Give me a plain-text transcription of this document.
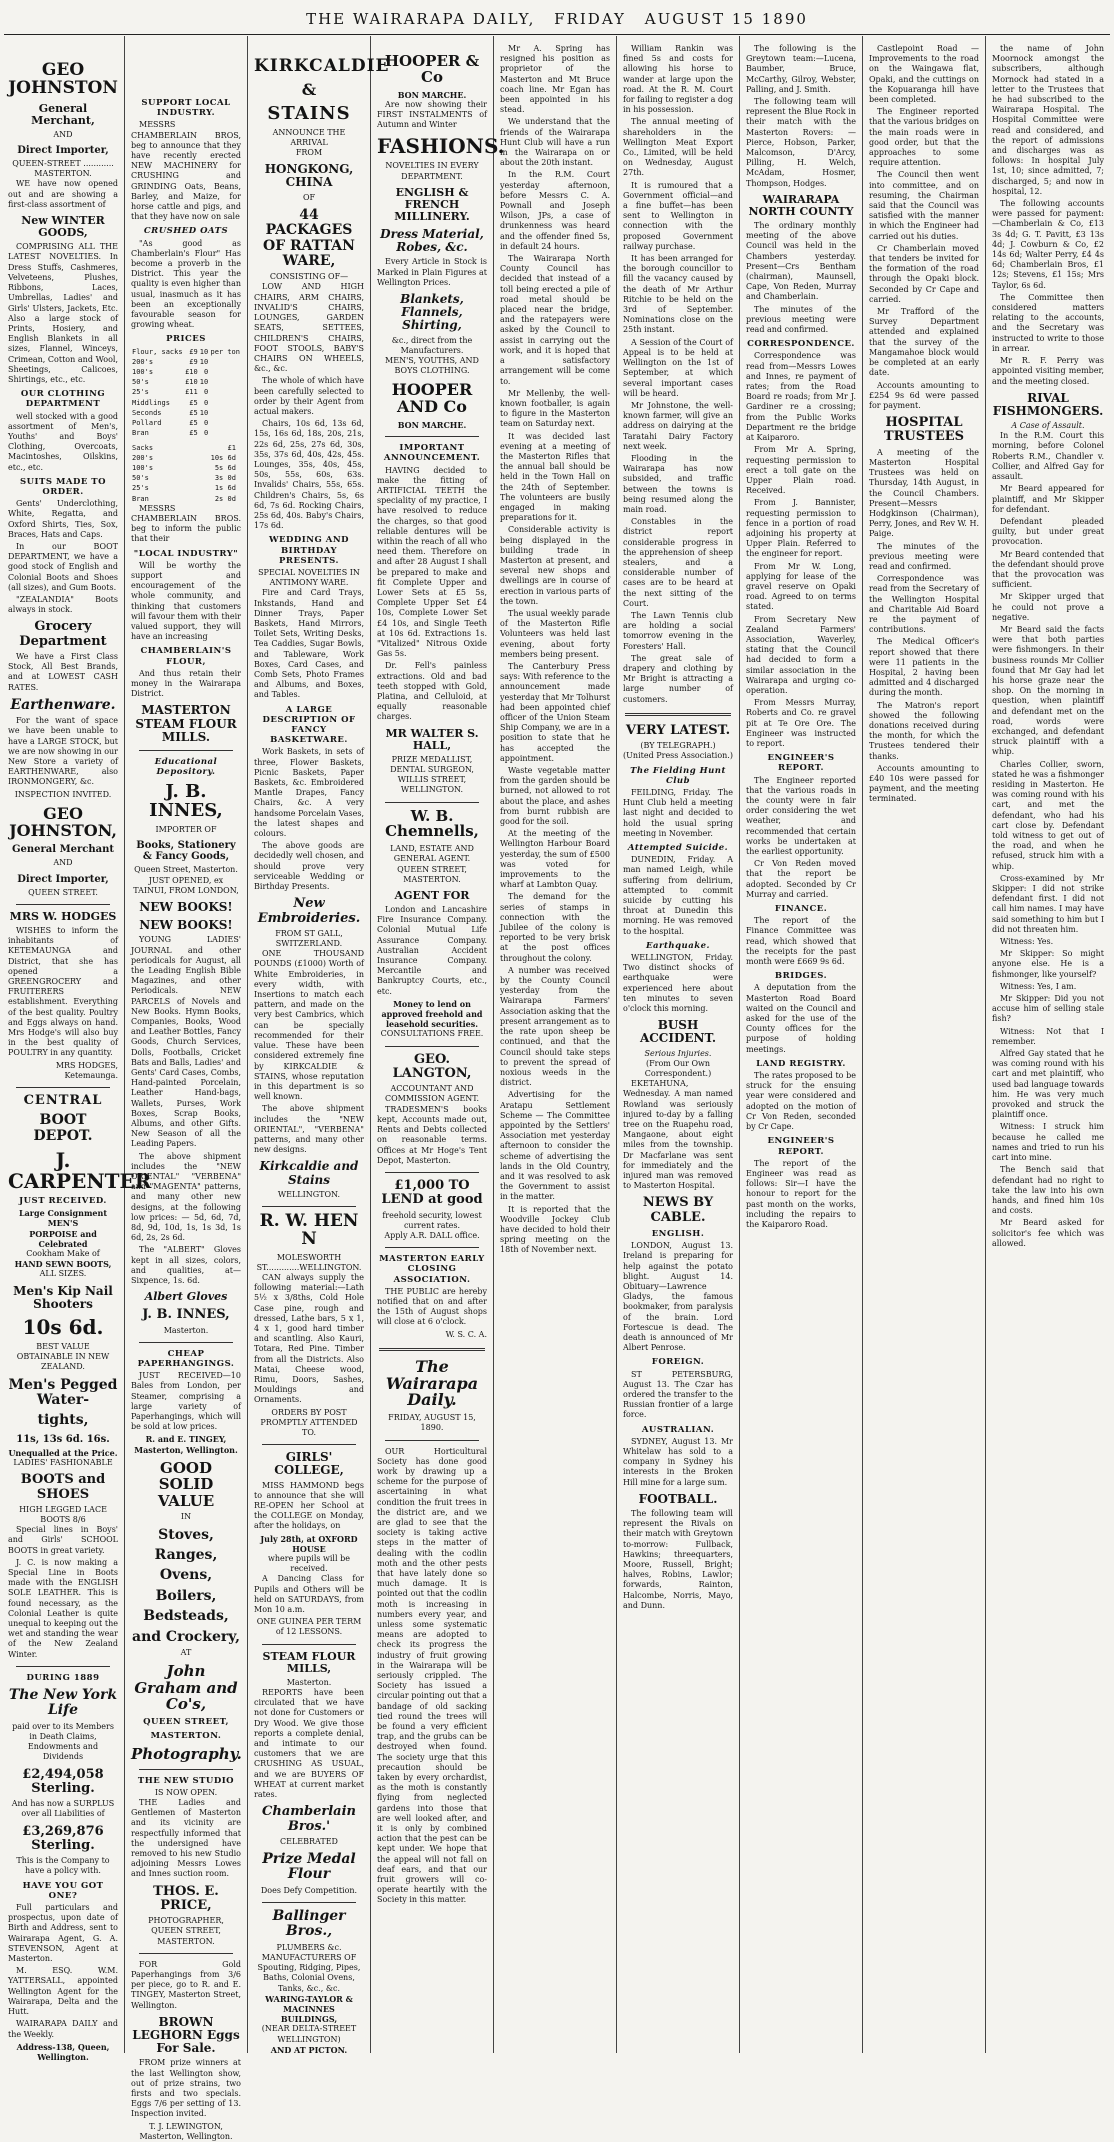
THE WAIRARAPA DAILY, FRIDAY AUGUST 15 1890
GEO JOHNSTON
General Merchant,
AND
Direct Importer,
QUEEN-STREET ............ MASTERTON.

WE have now opened out and are showing a first-class assortment of

New WINTER GOODS,

COMPRISING ALL THE LATEST NOVELTIES. In Dress Stuffs, Cashmeres, Velveteens, Plushes, Ribbons, Laces, Umbrellas, Ladies' and Girls' Ulsters, Jackets, Etc. Also a large stock of Prints, Hosiery, and English Blankets in all sizes, Flannel, Winceys, Crimean, Cotton and Wool, Sheetings, Calicoes, Shirtings, etc., etc.

OUR CLOTHING DEPARTMENT

well stocked with a good assortment of Men's, Youths' and Boys' Clothing, Overcoats, Macintoshes, Oilskins, etc., etc.

SUITS MADE TO ORDER.

Gents' Underclothing, White, Regatta, and Oxford Shirts, Ties, Sox, Braces, Hats and Caps.

In our BOOT DEPARTMENT, we have a good stock of English and Colonial Boots and Shoes (all sizes), and Gum Boots.

"ZEALANDIA" Boots always in stock.

Grocery Department

We have a First Class Stock, All Best Brands, and at LOWEST CASH RATES.

Earthenware.

For the want of space we have been unable to have a LARGE STOCK, but we are now showing in our New Store a variety of EARTHENWARE, also IRONMONGERY, &c.

INSPECTION INVITED.
GEO JOHNSTON,
General Merchant
AND
Direct Importer,
QUEEN STREET.
MRS W. HODGES

WISHES to inform the inhabitants of KETEMAUNGA and District, that she has opened a GREENGROCERY and FRUITERERS establishment. Everything of the best quality. Poultry and Eggs always on hand. Mrs Hodge's will also buy in the best quality of POULTRY in any quantity.

MRS HODGES, Ketemaunga.
CENTRAL
BOOT DEPOT.
J. CARPENTER
JUST RECEIVED.
Large Consignment MEN'S
PORPOISE and Celebrated
Cookham Make of
HAND SEWN BOOTS,
ALL SIZES.
Men's Kip Nail Shooters
10s 6d.
BEST VALUE OBTAINABLE IN NEW ZEALAND.
Men's Pegged Water-
tights,
11s, 13s 6d. 16s.
Unequalled at the Price.
LADIES' FASHIONABLE
BOOTS and SHOES
HIGH LEGGED LACE BOOTS 8/6

Special lines in Boys' and Girls' SCHOOL BOOTS in great variety.

J. C. is now making a Special Line in Boots made with the ENGLISH SOLE LEATHER. This is found necessary, as the Colonial Leather is quite unequal to keeping out the wet and standing the wear of the New Zealand Winter.

DURING 1889
The New York Life
paid over to its Members in Death Claims, Endowments and Dividends
£2,494,058 Sterling.
And has now a SURPLUS over all Liabilities of
£3,269,876 Sterling.
This is the Company to have a policy with.
HAVE YOU GOT ONE?

Full particulars and prospectus, upon date of Birth and Address, sent to Wairarapa Agent, G. A. STEVENSON, Agent at Masterton.

M. ESQ. W.M. YATTERSALL, appointed Wellington Agent for the Wairarapa, Delta and the Hutt.

WAIRARAPA DAILY and the Weekly.

Address-138, Queen, Wellington.
SUPPORT LOCAL INDUSTRY.

MESSRS CHAMBERLAIN BROS, beg to announce that they have recently erected NEW MACHINERY for CRUSHING and GRINDING Oats, Beans, Barley, and Maize, for horse cattle and pigs, and that they have now on sale

CRUSHED OATS

"As good as Chamberlain's Flour" Has become a proverb in the District. This year the quality is even higher than usual, inasmuch as it has been an exceptionally favourable season for growing wheat.

PRICES
Flour, sacks	£9	10	per ton
200's	£9	10	
100's	£10	0	
50's	£10	10	
25's	£11	0	
Middlings	£5	0	
Seconds	£5	10	
Pollard	£5	0	
Bran	£5	0	
Sacks		£1	
200's		10s 6d	
100's		5s 6d	
50's		3s 0d	
25's		1s 6d	
Bran		2s 0d	

MESSRS CHAMBERLAIN BROS. beg to inform the public that their

"LOCAL INDUSTRY"

Will be worthy the support and encouragement of the whole community, and thinking that customers will favour them with their valued support, they will have an increasing

CHAMBERLAIN'S FLOUR,

And thus retain their money in the Wairarapa District.

MASTERTON STEAM FLOUR MILLS.
Educational Depository.
J. B. INNES,
IMPORTER OF
Books, Stationery & Fancy Goods,
Queen Street, Masterton.
JUST OPENED, ex TAINUI, FROM LONDON,
NEW BOOKS!
NEW BOOKS!

YOUNG LADIES' JOURNAL and other periodicals for August, all the Leading English Bible Magazines, and other Periodicals. NEW PARCELS of Novels and New Books. Hymn Books, Companies, Books, Wood and Leather Bottles, Fancy Goods, Church Services, Dolls, Footballs, Cricket Bats and Balls, Ladies' and Gents' Card Cases, Combs, Hand-painted Porcelain, Leather Hand-bags, Wallets, Purses, Work Boxes, Scrap Books, Albums, and other Gifts. New Season of all the Leading Papers.

The above shipment includes the "NEW ORIENTAL" "VERBENA" and "MAGENTA" patterns, and many other new designs, at the following low prices: — 5d, 6d, 7d, 8d, 9d, 10d, 1s, 1s 3d, 1s 6d, 2s, 2s 6d.

The "ALBERT" Gloves kept in all sizes, colors, and qualities, at—Sixpence, 1s. 6d.

Albert Gloves
J. B. INNES,
Masterton.
CHEAP PAPERHANGINGS.

JUST RECEIVED—10 Bales from London, per Steamer, comprising a large variety of Paperhangings, which will be sold at low prices.

R. and E. TINGEY, Masterton, Wellington.
GOOD SOLID VALUE
IN
Stoves,
Ranges,
Ovens,
Boilers,
Bedsteads,
and Crockery,
AT
John Graham and Co's,
QUEEN STREET,
MASTERTON.
Photography.
THE NEW STUDIO
IS NOW OPEN.

THE Ladies and Gentlemen of Masterton and its vicinity are respectfully informed that the undersigned have removed to his new Studio adjoining Messrs Lowes and Innes suction room.

THOS. E. PRICE,
PHOTOGRAPHER, QUEEN STREET, MASTERTON.

FOR Gold Paperhangings from 3/6 per piece, go to R. and E. TINGEY, Masterton Street, Wellington.

BROWN LEGHORN Eggs For Sale.

FROM prize winners at the last Wellington show, out of prize strains, two firsts and two specials. Eggs 7/6 per setting of 13. Inspection invited.

T. J. LEWINGTON, Masterton, Wellington.
KIRKCALDIE
&
STAINS
ANNOUNCE THE ARRIVAL
FROM
HONGKONG, CHINA
OF
44 PACKAGES OF RATTAN WARE,
CONSISTING OF—

LOW AND HIGH CHAIRS, ARM CHAIRS, INVALID'S CHAIRS, LOUNGES, GARDEN SEATS, SETTEES, CHILDREN'S CHAIRS, FOOT STOOLS, BABY'S CHAIRS ON WHEELS, &c., &c.

The whole of which have been carefully selected to order by their Agent from actual makers.

Chairs, 10s 6d, 13s 6d, 15s, 16s 6d, 18s, 20s, 21s, 22s 6d, 25s, 27s 6d, 30s, 35s, 37s 6d, 40s, 42s, 45s. Lounges, 35s, 40s, 45s, 50s, 55s, 60s, 63s. Invalids' Chairs, 55s, 65s. Children's Chairs, 5s, 6s 6d, 7s 6d. Rocking Chairs, 25s 6d, 40s. Baby's Chairs, 17s 6d.

WEDDING AND BIRTHDAY PRESENTS.
SPECIAL NOVELTIES IN ANTIMONY WARE.

Fire and Card Trays, Inkstands, Hand and Dinner Trays, Paper Baskets, Hand Mirrors, Toilet Sets, Writing Desks, Tea Caddies, Sugar Bowls, and Tableware, Work Boxes, Card Cases, and Comb Sets, Photo Frames and Albums, and Boxes, and Tables.

A LARGE DESCRIPTION OF FANCY BASKETWARE.

Work Baskets, in sets of three, Flower Baskets, Picnic Baskets, Paper Baskets, &c. Embroidered Mantle Drapes, Fancy Chairs, &c. A very handsome Porcelain Vases, the latest shapes and colours.

The above goods are decidedly well chosen, and should prove very serviceable Wedding or Birthday Presents.

New Embroideries.
FROM ST GALL, SWITZERLAND.

ONE THOUSAND POUNDS (£1000) Worth of White Embroideries, in every width, with Insertions to match each pattern, and made on the very best Cambrics, which can be specially recommended for their value. These have been considered extremely fine by KIRKCALDIE & STAINS, whose reputation in this department is so well known.

The above shipment includes the "NEW ORIENTAL", "VERBENA" patterns, and many other new designs.

Kirkcaldie and Stains
WELLINGTON.
R. W. HEN N
MOLESWORTH ST.............WELLINGTON.

CAN always supply the following material:—Lath 5½ x 3/8ths, Cold Hole Case pine, rough and dressed, Lathe bars, 5 x 1, 4 x 1, good hard timber and scantling. Also Kauri, Totara, Red Pine. Timber from all the Districts. Also Matai, Cheese wood, Rimu, Doors, Sashes, Mouldings and Ornaments.

ORDERS BY POST PROMPTLY ATTENDED TO.
GIRLS' COLLEGE,

MISS HAMMOND begs to announce that she will RE-OPEN her School at the COLLEGE on Monday, after the holidays, on

July 28th, at OXFORD HOUSE
where pupils will be received.

A Dancing Class for Pupils and Others will be held on SATURDAYS, from Mon 10 a.m.

ONE GUINEA PER TERM of 12 LESSONS.
STEAM FLOUR MILLS,
Masterton.

REPORTS have been circulated that we have not done for Customers or Dry Wood. We give those reports a complete denial, and intimate to our customers that we are CRUSHING AS USUAL, and we are BUYERS OF WHEAT at current market rates.

Chamberlain Bros.'
CELEBRATED
Prize Medal Flour
Does Defy Competition.
Ballinger Bros.,
PLUMBERS &c.
MANUFACTURERS OF
Spouting, Ridging, Pipes, Baths, Colonial Ovens, Tanks, &c., &c.
WARING-TAYLOR & MACINNES BUILDINGS,
(NEAR DELTA-STREET WELLINGTON)
AND AT PICTON.
HOOPER & Co
BON MARCHE.

Are now showing their FIRST INSTALMENTS of Autumn and Winter

FASHIONS.
NOVELTIES IN EVERY DEPARTMENT.
ENGLISH & FRENCH MILLINERY.
Dress Material, Robes, &c.

Every Article in Stock is Marked in Plain Figures at Wellington Prices.

Blankets, Flannels, Shirting,
&c., direct from the Manufacturers.
MEN'S, YOUTHS, AND BOYS CLOTHING.
HOOPER AND Co
BON MARCHE.
IMPORTANT ANNOUNCEMENT.

HAVING decided to make the fitting of ARTIFICIAL TEETH the speciality of my practice, I have resolved to reduce the charges, so that good reliable dentures will be within the reach of all who need them. Therefore on and after 28 August I shall be prepared to make and fit Complete Upper and Lower Sets at £5 5s, Complete Upper Set £4 10s, Complete Lower Set £4 10s, and Single Teeth at 10s 6d. Extractions 1s. "Vitalized" Nitrous Oxide Gas 5s.

Dr. Fell's painless extractions. Old and bad teeth stopped with Gold, Platina, and Celluloid, at equally reasonable charges.

MR WALTER S. HALL,
PRIZE MEDALLIST, DENTAL SURGEON, WILLIS STREET, WELLINGTON.
W. B. Chemnells,
LAND, ESTATE AND GENERAL AGENT.
QUEEN STREET, MASTERTON.
AGENT FOR

London and Lancashire Fire Insurance Company. Colonial Mutual Life Assurance Company. Australian Accident Insurance Company. Mercantile and Bankruptcy Courts, etc., etc.

Money to lend on approved freehold and leasehold securities.
CONSULTATIONS FREE.
GEO. LANGTON,
ACCOUNTANT AND COMMISSION AGENT.

TRADESMEN'S books kept, Accounts made out, Rents and Debts collected on reasonable terms. Offices at Mr Hoge's Tent Depot, Masterton.

£1,000 TO LEND at good
freehold security, lowest current rates.
Apply A.R. DALL office.
MASTERTON EARLY CLOSING ASSOCIATION.

THE PUBLIC are hereby notified that on and after the 15th of August shops will close at 6 o'clock.

W. S. C. A.
The Wairarapa Daily.
FRIDAY, AUGUST 15, 1890.

OUR Horticultural Society has done good work by drawing up a scheme for the purpose of ascertaining in what condition the fruit trees in the district are, and we are glad to see that the society is taking active steps in the matter of dealing with the codlin moth and the other pests that have lately done so much damage. It is pointed out that the codlin moth is increasing in numbers every year, and unless some systematic means are adopted to check its progress the industry of fruit growing in the Wairarapa will be seriously crippled. The Society has issued a circular pointing out that a bandage of old sacking tied round the trees will be found a very efficient trap, and the grubs can be destroyed when found. The society urge that this precaution should be taken by every orchardist, as the moth is constantly flying from neglected gardens into those that are well looked after, and it is only by combined action that the pest can be kept under. We hope that the appeal will not fall on deaf ears, and that our fruit growers will co-operate heartily with the Society in this matter.

Mr A. Spring has resigned his position as proprietor of the Masterton and Mt Bruce coach line. Mr Egan has been appointed in his stead.

We understand that the friends of the Wairarapa Hunt Club will have a run in the Wairarapa on or about the 20th instant.

In the R.M. Court yesterday afternoon, before Messrs C. A. Pownall and Joseph Wilson, JPs, a case of drunkenness was heard and the offender fined 5s, in default 24 hours.

The Wairarapa North County Council has decided that instead of a toll being erected a pile of road metal should be placed near the bridge, and the ratepayers were asked by the Council to assist in carrying out the work, and it is hoped that a satisfactory arrangement will be come to.

Mr Mellenby, the well-known footballer, is again to figure in the Masterton team on Saturday next.

It was decided last evening at a meeting of the Masterton Rifles that the annual ball should be held in the Town Hall on the 24th of September. The volunteers are busily engaged in making preparations for it.

Considerable activity is being displayed in the building trade in Masterton at present, and several new shops and dwellings are in course of erection in various parts of the town.

The usual weekly parade of the Masterton Rifle Volunteers was held last evening, about forty members being present.

The Canterbury Press says: With reference to the announcement made yesterday that Mr Tolhurst had been appointed chief officer of the Union Steam Ship Company, we are in a position to state that he has accepted the appointment.

Waste vegetable matter from the garden should be burned, not allowed to rot about the place, and ashes from burnt rubbish are good for the soil.

At the meeting of the Wellington Harbour Board yesterday, the sum of £500 was voted for improvements to the wharf at Lambton Quay.

The demand for the series of stamps in connection with the Jubilee of the colony is reported to be very brisk at the post offices throughout the colony.

A number was received by the County Council yesterday from the Wairarapa Farmers' Association asking that the present arrangement as to the rate upon sheep be continued, and that the Council should take steps to prevent the spread of noxious weeds in the district.

Advertising for the Aratapu Settlement Scheme — The Committee appointed by the Settlers' Association met yesterday afternoon to consider the scheme of advertising the lands in the Old Country, and it was resolved to ask the Government to assist in the matter.

It is reported that the Woodville Jockey Club have decided to hold their spring meeting on the 18th of November next.

William Rankin was fined 5s and costs for allowing his horse to wander at large upon the road. At the R. M. Court for failing to register a dog in his possession.

The annual meeting of shareholders in the Wellington Meat Export Co., Limited, will be held on Wednesday, August 27th.

It is rumoured that a Government official—and a fine buffet—has been sent to Wellington in connection with the proposed Government railway purchase.

It has been arranged for the borough councillor to fill the vacancy caused by the death of Mr Arthur Ritchie to be held on the 3rd of September. Nominations close on the 25th instant.

A Session of the Court of Appeal is to be held at Wellington on the 1st of September, at which several important cases will be heard.

Mr Johnstone, the well-known farmer, will give an address on dairying at the Taratahi Dairy Factory next week.

Flooding in the Wairarapa has now subsided, and traffic between the towns is being resumed along the main road.

Constables in the district report considerable progress in the apprehension of sheep stealers, and a considerable number of cases are to be heard at the next sitting of the Court.

The Lawn Tennis club are holding a social tomorrow evening in the Foresters' Hall.

The great sale of drapery and clothing by Mr Bright is attracting a large number of customers.

VERY LATEST.
(BY TELEGRAPH.)
(United Press Association.)
The Fielding Hunt Club

FEILDING, Friday. The Hunt Club held a meeting last night and decided to hold the usual spring meeting in November.

Attempted Suicide.

DUNEDIN, Friday. A man named Leigh, while suffering from delirium, attempted to commit suicide by cutting his throat at Dunedin this morning. He was removed to the hospital.

Earthquake.

WELLINGTON, Friday. Two distinct shocks of earthquake were experienced here about ten minutes to seven o'clock this morning.

BUSH ACCIDENT.
Serious Injuries.
(From Our Own Correspondent.)

EKETAHUNA, Wednesday. A man named Rowland was seriously injured to-day by a falling tree on the Ruapehu road, Mangaone, about eight miles from the township. Dr Macfarlane was sent for immediately and the injured man was removed to Masterton Hospital.

NEWS BY CABLE.
ENGLISH.

LONDON, August 13. Ireland is preparing for help against the potato blight. August 14. Obituary—Lawrence Gladys, the famous bookmaker, from paralysis of the brain. Lord Fortescue is dead. The death is announced of Mr Albert Penrose.

FOREIGN.

ST PETERSBURG, August 13. The Czar has ordered the transfer to the Russian frontier of a large force.

AUSTRALIAN.

SYDNEY, August 13. Mr Whitelaw has sold to a company in Sydney his interests in the Broken Hill mine for a large sum.

FOOTBALL.

The following team will represent the Rivals on their match with Greytown to-morrow: Fullback, Hawkins; threequarters, Moore, Russell, Bright; halves, Robins, Lawlor; forwards, Rainton, Halcombe, Norris, Mayo, and Dunn.

The following is the Greytown team:—Lucena, Baumber, Bruce, McCarthy, Gilroy, Webster, Palling, and J. Smith.

The following team will represent the Blue Rock in their match with the Masterton Rovers: — Pierce, Hobson, Parker, Malcomson, D'Arcy, Pilling, H. Welch, McAdam, Hosmer, Thompson, Hodges.

WAIRARAPA NORTH COUNTY

The ordinary monthly meeting of the above Council was held in the Chambers yesterday. Present—Crs Bentham (chairman), Maunsell, Cape, Von Reden, Murray and Chamberlain.

The minutes of the previous meeting were read and confirmed.

CORRESPONDENCE.

Correspondence was read from—Messrs Lowes and Innes, re payment of rates; from the Road Board re roads; from Mr J. Gardiner re a crossing; from the Public Works Department re the bridge at Kaiparoro.

From Mr A. Spring, requesting permission to erect a toll gate on the Upper Plain road. Received.

From J. Bannister, requesting permission to fence in a portion of road adjoining his property at Upper Plain. Referred to the engineer for report.

From Mr W. Long, applying for lease of the gravel reserve on Opaki road. Agreed to on terms stated.

From Secretary New Zealand Farmers' Association, Waverley, stating that the Council had decided to form a similar association in the Wairarapa and urging co-operation.

From Messrs Murray, Roberts and Co. re gravel pit at Te Ore Ore. The Engineer was instructed to report.

ENGINEER'S REPORT.

The Engineer reported that the various roads in the county were in fair order considering the wet weather, and recommended that certain works be undertaken at the earliest opportunity.

Cr Von Reden moved that the report be adopted. Seconded by Cr Murray and carried.

FINANCE.

The report of the Finance Committee was read, which showed that the receipts for the past month were £669 9s 6d.

BRIDGES.

A deputation from the Masterton Road Board waited on the Council and asked for the use of the County offices for the purpose of holding meetings.

LAND REGISTRY.

The rates proposed to be struck for the ensuing year were considered and adopted on the motion of Cr Von Reden, seconded by Cr Cape.

ENGINEER'S REPORT.

The report of the Engineer was read as follows: Sir—I have the honour to report for the past month on the works, including the repairs to the Kaiparoro Road.

Castlepoint Road — Improvements to the road on the Waingawa flat, Opaki, and the cuttings on the Kopuaranga hill have been completed.

The Engineer reported that the various bridges on the main roads were in good order, but that the approaches to some require attention.

The Council then went into committee, and on resuming, the Chairman said that the Council was satisfied with the manner in which the Engineer had carried out his duties.

Cr Chamberlain moved that tenders be invited for the formation of the road through the Opaki block. Seconded by Cr Cape and carried.

Mr Trafford of the Survey Department attended and explained that the survey of the Mangamahoe block would be completed at an early date.

Accounts amounting to £254 9s 6d were passed for payment.

HOSPITAL TRUSTEES

A meeting of the Masterton Hospital Trustees was held on Thursday, 14th August, in the Council Chambers. Present—Messrs Hodgkinson (Chairman), Perry, Jones, and Rev W. H. Paige.

The minutes of the previous meeting were read and confirmed.

Correspondence was read from the Secretary of the Wellington Hospital and Charitable Aid Board re the payment of contributions.

The Medical Officer's report showed that there were 11 patients in the Hospital, 2 having been admitted and 4 discharged during the month.

The Matron's report showed the following donations received during the month, for which the Trustees tendered their thanks.

Accounts amounting to £40 10s were passed for payment, and the meeting terminated.

the name of John Moornock amongst the subscribers, although Mornock had stated in a letter to the Trustees that he had subscribed to the Wairarapa Hospital. The Hospital Committee were read and considered, and the report of admissions and discharges was as follows: In hospital July 1st, 10; since admitted, 7; discharged, 5; and now in hospital, 12.

The following accounts were passed for payment:—Chamberlain & Co, £13 3s 4d; G. T. Pavitt, £3 13s 4d; J. Cowburn & Co, £2 14s 6d; Walter Perry, £4 4s 6d; Chamberlain Bros, £1 12s; Stevens, £1 15s; Mrs Taylor, 6s 6d.

The Committee then considered matters relating to the accounts, and the Secretary was instructed to write to those in arrear.

Mr R. F. Perry was appointed visiting member, and the meeting closed.

RIVAL FISHMONGERS.
A Case of Assault.

In the R.M. Court this morning, before Colonel Roberts R.M., Chandler v. Collier, and Alfred Gay for assault.

Mr Beard appeared for plaintiff, and Mr Skipper for defendant.

Defendant pleaded guilty, but under great provocation.

Mr Beard contended that the defendant should prove that the provocation was sufficient.

Mr Skipper urged that he could not prove a negative.

Mr Beard said the facts were that both parties were fishmongers. In their business rounds Mr Collier found that Mr Gay had let his horse graze near the shop. On the morning in question, when plaintiff and defendant met on the road, words were exchanged, and defendant struck plaintiff with a whip.

Charles Collier, sworn, stated he was a fishmonger residing in Masterton. He was coming round with his cart, and met the defendant, who had his cart close by. Defendant told witness to get out of the road, and when he refused, struck him with a whip.

Cross-examined by Mr Skipper: I did not strike defendant first. I did not call him names. I may have said something to him but I did not threaten him.

Witness: Yes.

Mr Skipper: So might anyone else. He is a fishmonger, like yourself?

Witness: Yes, I am.

Mr Skipper: Did you not accuse him of selling stale fish?

Witness: Not that I remember.

Alfred Gay stated that he was coming round with his cart and met plaintiff, who used bad language towards him. He was very much provoked and struck the plaintiff once.

Witness: I struck him because he called me names and tried to run his cart into mine.

The Bench said that defendant had no right to take the law into his own hands, and fined him 10s and costs.

Mr Beard asked for solicitor's fee which was allowed.
